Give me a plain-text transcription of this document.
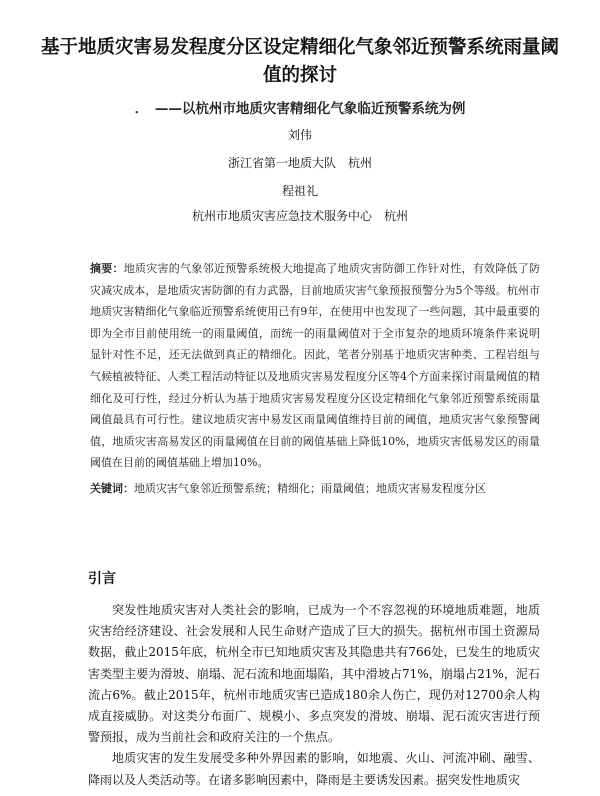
基于地质灾害易发程度分区设定精细化气象邻近预警系统雨量阈值的探讨
．　——以杭州市地质灾害精细化气象临近预警系统为例
刘伟
浙江省第一地质大队　杭州
程祖礼
杭州市地质灾害应急技术服务中心　杭州
摘要：地质灾害的气象邻近预警系统极大地提高了地质灾害防御工作针对性，有效降低了防灾减灾成本，是地质灾害防御的有力武器，目前地质灾害气象预报预警分为5个等级。杭州市地质灾害精细化气象临近预警系统使用已有9年，在使用中也发现了一些问题，其中最重要的即为全市目前使用统一的雨量阈值，而统一的雨量阈值对于全市复杂的地质环境条件来说明显针对性不足，还无法做到真正的精细化。因此，笔者分别基于地质灾害种类、工程岩组与气候植被特征、人类工程活动特征以及地质灾害易发程度分区等4个方面来探讨雨量阈值的精细化及可行性，经过分析认为基于地质灾害易发程度分区设定精细化气象邻近预警系统雨量阈值最具有可行性。建议地质灾害中易发区雨量阈值维持目前的阈值，地质灾害气象预警阈值，地质灾害高易发区的雨量阈值在目前的阈值基础上降低10%，地质灾害低易发区的雨量阈值在目前的阈值基础上增加10%。
关键词：地质灾害气象邻近预警系统；精细化；雨量阈值；地质灾害易发程度分区
引言

突发性地质灾害对人类社会的影响，已成为一个不容忽视的环境地质难题，地质灾害给经济建设、社会发展和人民生命财产造成了巨大的损失。据杭州市国土资源局数据，截止2015年底，杭州全市已知地质灾害及其隐患共有766处，已发生的地质灾害类型主要为滑坡、崩塌、泥石流和地面塌陷，其中滑坡占71%，崩塌占21%，泥石流占6%。截止2015年，杭州市地质灾害已造成180余人伤亡，现仍对12700余人构成直接威胁。对这类分布面广、规模小、多点突发的滑坡、崩塌、泥石流灾害进行预警预报，成为当前社会和政府关注的一个焦点。

地质灾害的发生发展受多种外界因素的影响，如地震、火山、河流冲刷、融雪、降雨以及人类活动等。在诸多影响因素中，降雨是主要诱发因素。据突发性地质灾
